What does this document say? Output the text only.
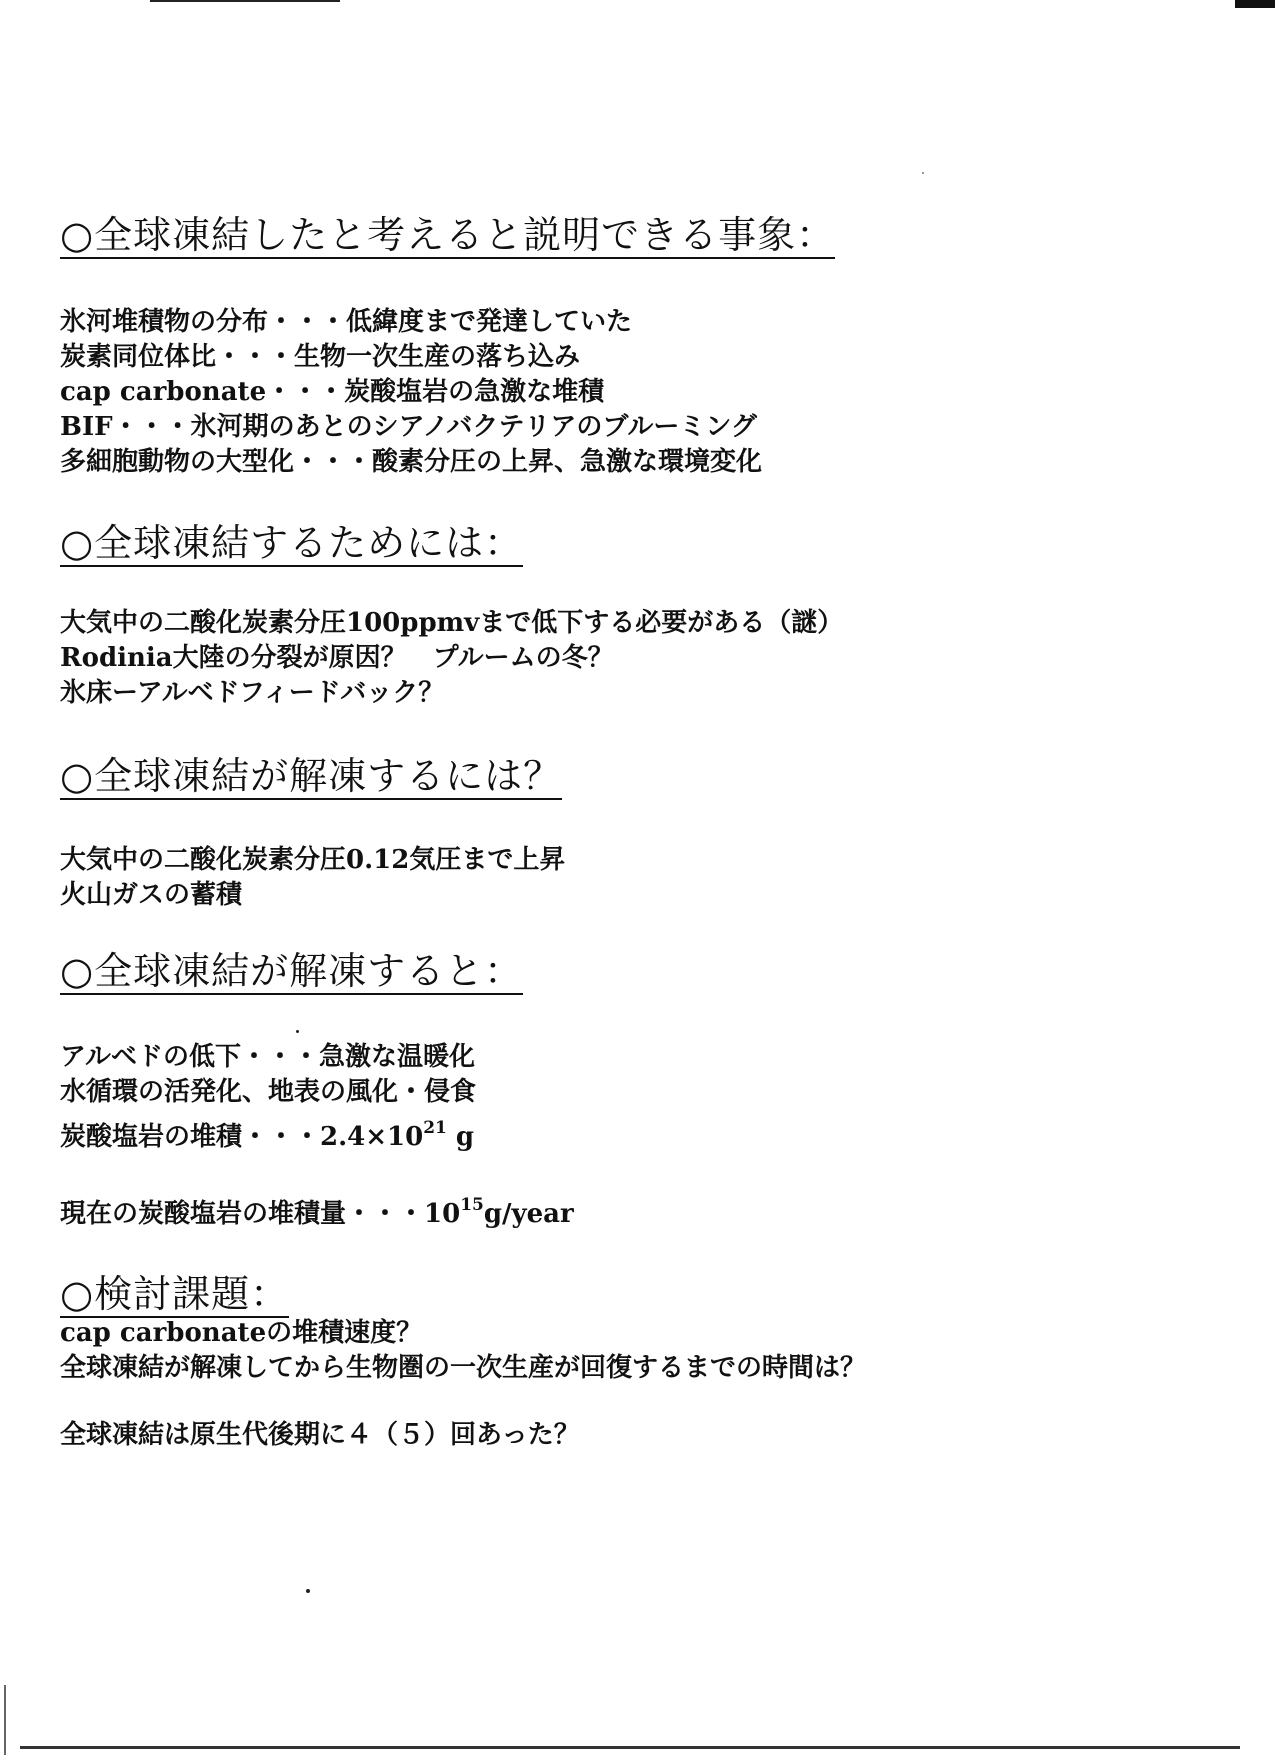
○全球凍結したと考えると説明できる事象：
氷河堆積物の分布・・・低緯度まで発達していた
炭素同位体比・・・生物一次生産の落ち込み
cap carbonate・・・炭酸塩岩の急激な堆積
BIF・・・氷河期のあとのシアノバクテリアのブルーミング
多細胞動物の大型化・・・酸素分圧の上昇、急激な環境変化
○全球凍結するためには：
大気中の二酸化炭素分圧100ppmvまで低下する必要がある（謎）
Rodinia大陸の分裂が原因？　プルームの冬？
氷床ーアルベドフィードバック？
○全球凍結が解凍するには？
大気中の二酸化炭素分圧0.12気圧まで上昇
火山ガスの蓄積
○全球凍結が解凍すると：
アルベドの低下・・・急激な温暖化
水循環の活発化、地表の風化・侵食

炭酸塩岩の堆積・・・$2.4\times 10^{21}$ g

現在の炭酸塩岩の堆積量・・・$10^{15}g$/year

○検討課題：
cap carbonateの堆積速度？
全球凍結が解凍してから生物圏の一次生産が回復するまでの時間は？

全球凍結は原生代後期に４（５）回あった？
